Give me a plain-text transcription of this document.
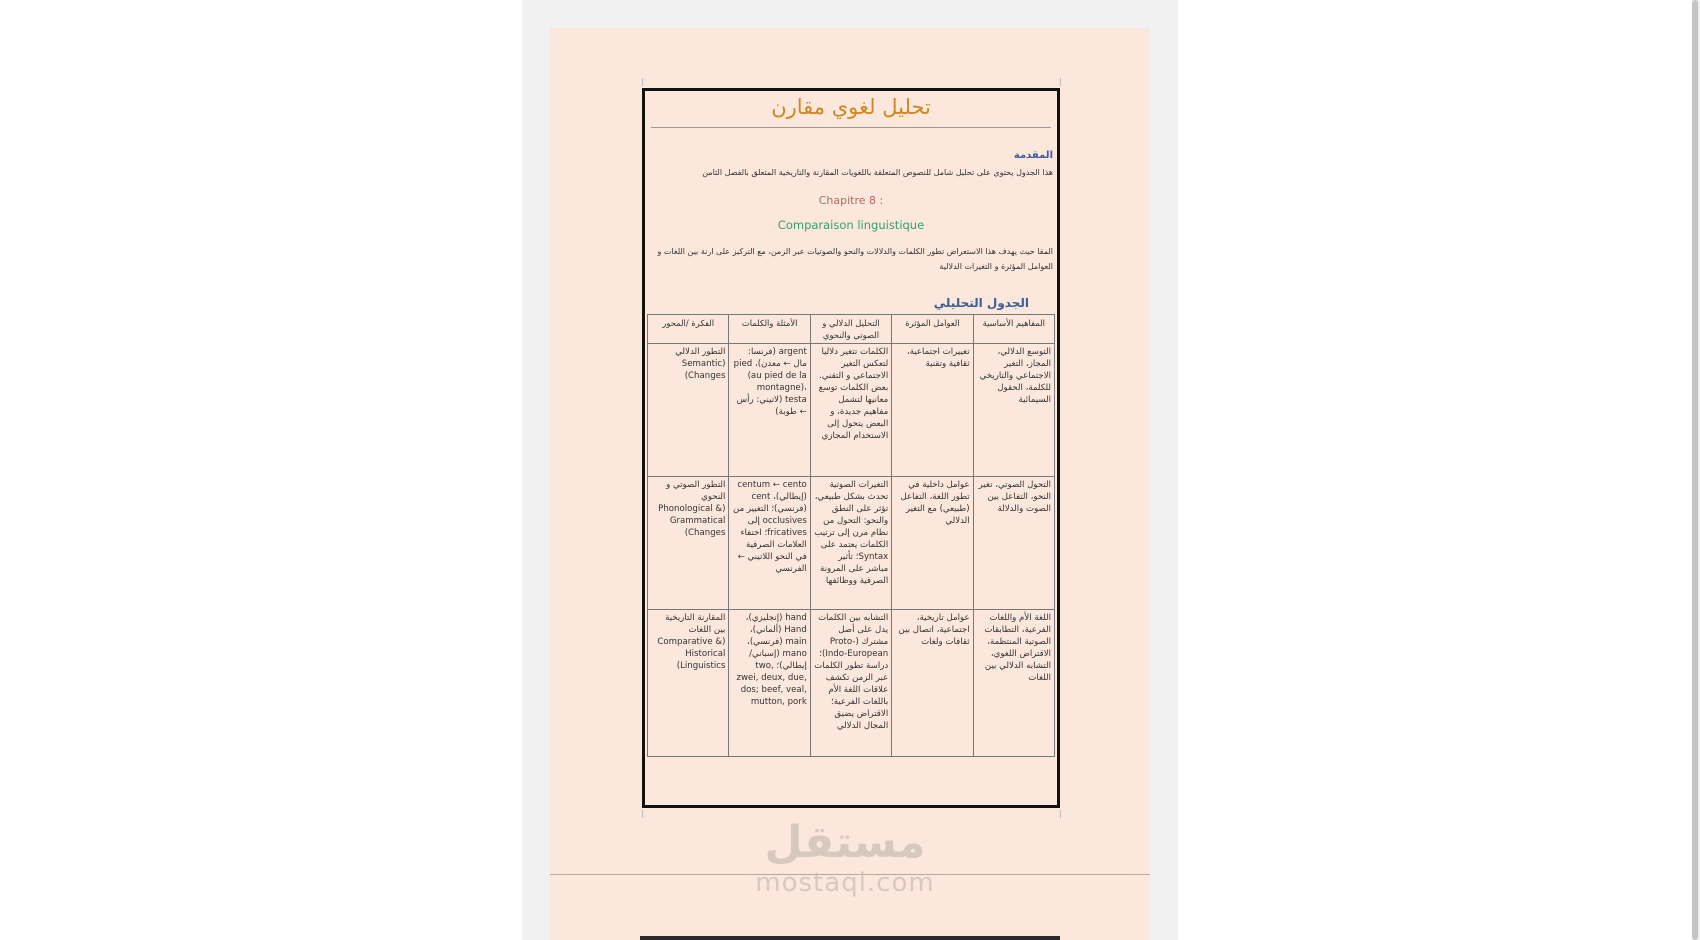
تحليل لغوي مقارن
المقدمة
هذا الجدول يحتوي على تحليل شامل للنصوص المتعلقة باللغويات المقارنة والتاريخية المتعلق بالفصل الثامن
Chapitre 8 :
Comparaison linguistique
المقا حيث يهدف هذا الاستعراض تطور الكلمات والدلالات والنحو والصوتيات عبر الزمن، مع التركيز على ارنة بين اللغات و العوامل المؤثرة و التغيرات الدلالية
الجدول التحليلي
المفاهيم الأساسية	العوامل المؤثرة	التحليل الدلالي و الصوتي والنحوي	الأمثلة والكلمات	الفكرة /المحور
التوسع الدلالي، المجاز، التغير الاجتماعي والتاريخي للكلمة، الحقول السيمائية	تغييرات اجتماعية، ثقافية وتقنية	الكلمات تتغير دلاليا لتعكس التغير الاجتماعي و التقني. بعض الكلمات توسع معانيها لتشمل مفاهيم جديدة، و البعض يتحول إلى الاستخدام المجازي	argent (فرنسا: مال ← معدن)، pied (au pied de la montagne)، testa (لاتيني: رأس ← طوبة)	التطور الدلالي (Semantic Changes)
التحول الصوتي، تغير النحو، التفاعل بين الصوت والدلالة	عوامل داخلية في تطور اللغة، التفاعل (طبيعي) مع التغير الدلالي	التغيرات الصوتية تحدث بشكل طبيعي، تؤثر على النطق والنحو: التحول من نظام مرن إلى ترتيب الكلمات يعتمد على Syntax؛ تأثير مباشر على المرونة الصرفية ووظائفها	centum ← cento (إيطالي)، cent (فرنسي)؛ التغيير من occlusives إلى fricatives؛ اختفاء العلامات الصرفية في النحو اللاتيني ← الفرنسي	التطور الصوتي و النحوي (Phonological & Grammatical Changes)
اللغة الأم واللغات الفرعية، التطابقات الصوتية المنتظمة، الاقتراض اللغوي، التشابه الدلالي بين اللغات	عوامل تاريخية، اجتماعية، اتصال بين ثقافات ولغات	التشابه بين الكلمات يدل على أصل مشترك (Proto-Indo-European)؛ دراسة تطور الكلمات عبر الزمن تكشف علاقات اللغة الأم باللغات الفرعية؛ الاقتراض يضيق المجال الدلالي	hand (إنجليزي)، Hand (ألماني)، main (فرنسي)، mano (إسباني/إيطالي)؛ two, zwei, deux, due, dos; beef, veal, mutton, pork	المقارنة التاريخية بين اللغات (Comparative & Historical Linguistics)
مستقل
mostaql.com
